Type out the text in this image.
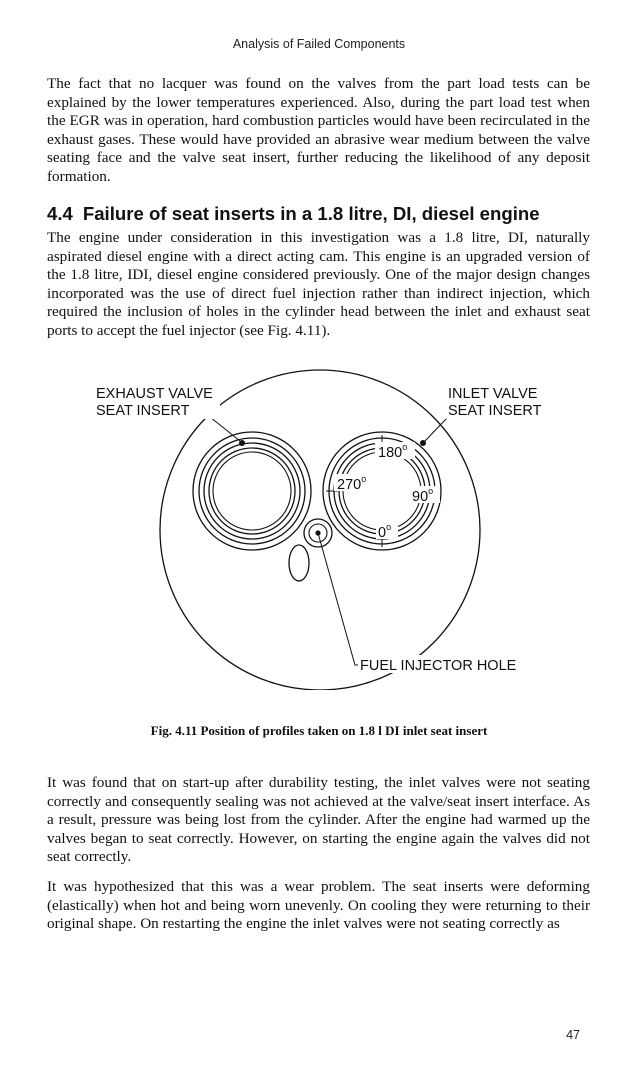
Analysis of Failed Components

The fact that no lacquer was found on the valves from the part load tests can be explained by the lower temperatures experienced. Also, during the part load test when the EGR was in operation, hard combustion particles would have been recirculated in the exhaust gases. These would have provided an abrasive wear medium between the valve seating face and the valve seat insert, further reducing the likelihood of any deposit formation.

4.4 Failure of seat inserts in a 1.8 litre, DI, diesel engine

The engine under consideration in this investigation was a 1.8 litre, DI, naturally aspirated diesel engine with a direct acting cam. This engine is an upgraded version of the 1.8 litre, IDI, diesel engine considered previously. One of the major design changes incorporated was the use of direct fuel injection rather than indirect injection, which required the inclusion of holes in the cylinder head between the inlet and exhaust seat ports to accept the fuel injector (see Fig. 4.11).

EXHAUST VALVE
SEAT INSERT
INLET VALVE
SEAT INSERT
180$^o$
270$^o$
90$^o$
0$^o$
FUEL INJECTOR HOLE
Fig. 4.11 Position of profiles taken on 1.8 l DI inlet seat insert

It was found that on start-up after durability testing, the inlet valves were not seating correctly and consequently sealing was not achieved at the valve/seat insert interface. As a result, pressure was being lost from the cylinder. After the engine had warmed up the valves began to seat correctly. However, on starting the engine again the valves did not seat correctly.

It was hypothesized that this was a wear problem. The seat inserts were deforming (elastically) when hot and being worn unevenly. On cooling they were returning to their original shape. On restarting the engine the inlet valves were not seating correctly as

47
